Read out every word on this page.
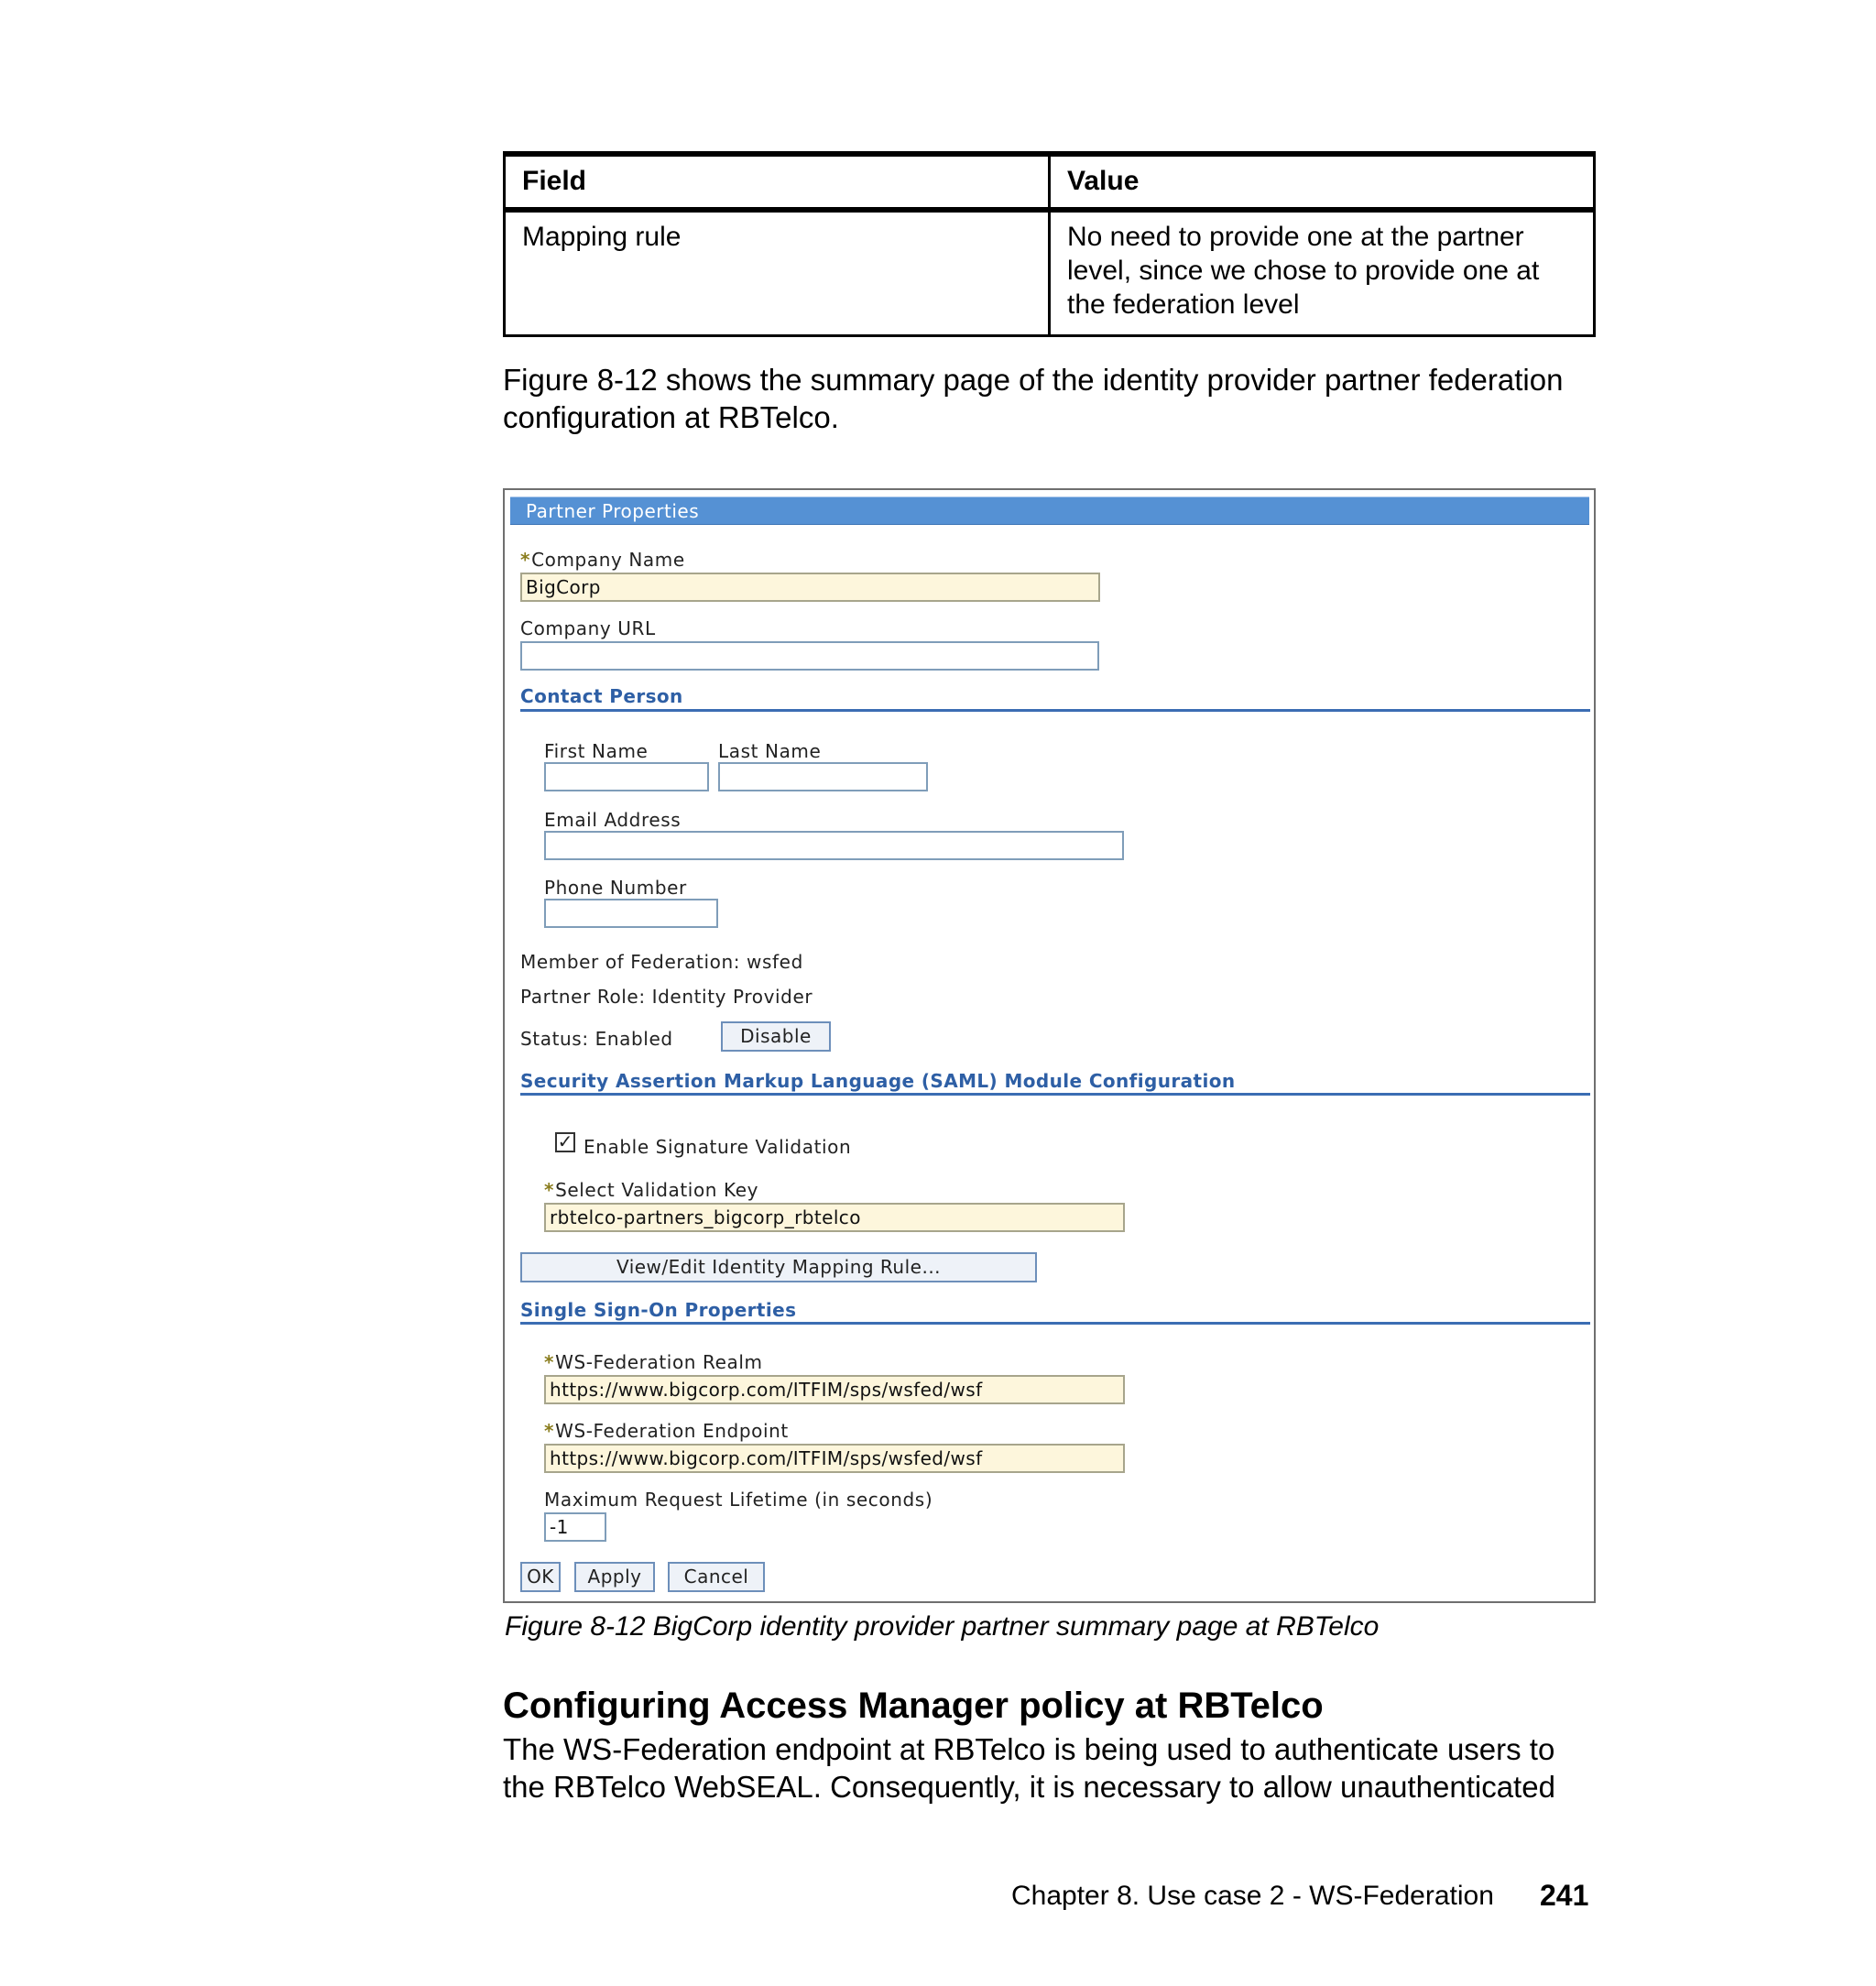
Field	Value
Mapping rule	No need to provide one at the partner level, since we chose to provide one at the federation level
Figure 8-12 shows the summary page of the identity provider partner federation configuration at RBTelco.
Partner Properties
*Company Name
BigCorp
Company URL
Contact Person
First Name	Last Name
Email Address
Phone Number
Member of Federation: wsfed
Partner Role: Identity Provider
Status: Enabled	Disable
Security Assertion Markup Language (SAML) Module Configuration
✓ Enable Signature Validation
*Select Validation Key
rbtelco-partners_bigcorp_rbtelco
View/Edit Identity Mapping Rule...
Single Sign-On Properties
*WS-Federation Realm
https://www.bigcorp.com/ITFIM/sps/wsfed/wsf
*WS-Federation Endpoint
https://www.bigcorp.com/ITFIM/sps/wsfed/wsf
Maximum Request Lifetime (in seconds)
-1
OK	Apply	Cancel
Figure 8-12 BigCorp identity provider partner summary page at RBTelco
Configuring Access Manager policy at RBTelco
The WS-Federation endpoint at RBTelco is being used to authenticate users to
the RBTelco WebSEAL. Consequently, it is necessary to allow unauthenticated
Chapter 8. Use case 2 - WS-Federation 241
